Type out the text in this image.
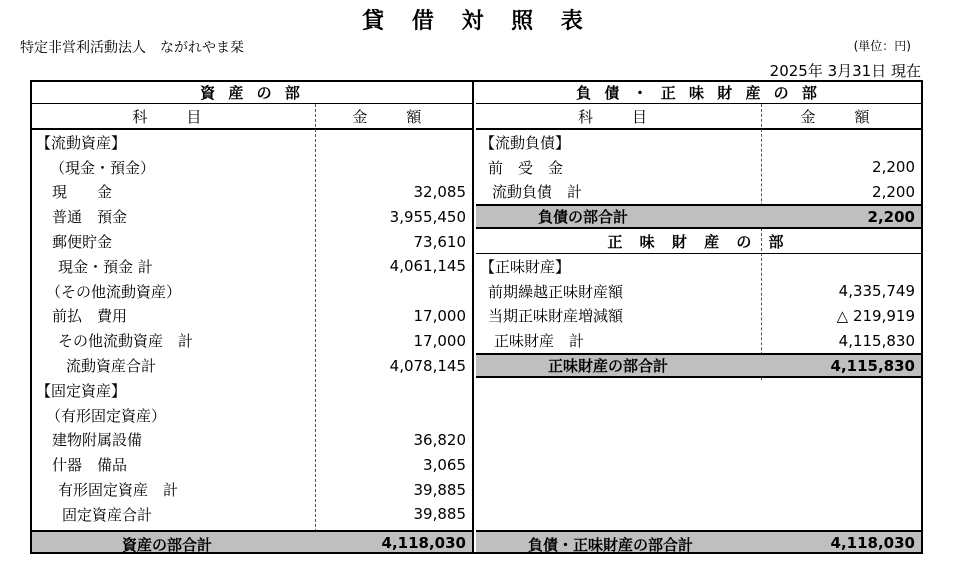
貸 借 対 照 表
特定非営利活動法人　ながれやま栞	(単位：円)
2025年 3月31日 現在
資 産 の 部
科　目	金　額
【流動資産】
（現金・預金）
現　　金	32,085
普通　預金	3,955,450
郵便貯金	73,610
現金・預金 計	4,061,145
（その他流動資産）
前払　費用	17,000
その他流動資産　計	17,000
流動資産合計	4,078,145
【固定資産】
（有形固定資産）
建物附属設備	36,820
什器　備品	3,065
有形固定資産　計	39,885
固定資産合計	39,885
資産の部合計	4,118,030
負 債 ・ 正 味 財 産 の 部
科　目	金　額
【流動負債】
前　受　金	2,200
流動負債　計	2,200
負債の部合計	2,200
正 味 財 産 の 部
【正味財産】
前期繰越正味財産額	4,335,749
当期正味財産増減額	△ 219,919
正味財産　計	4,115,830
正味財産の部合計	4,115,830
負債・正味財産の部合計	4,118,030
